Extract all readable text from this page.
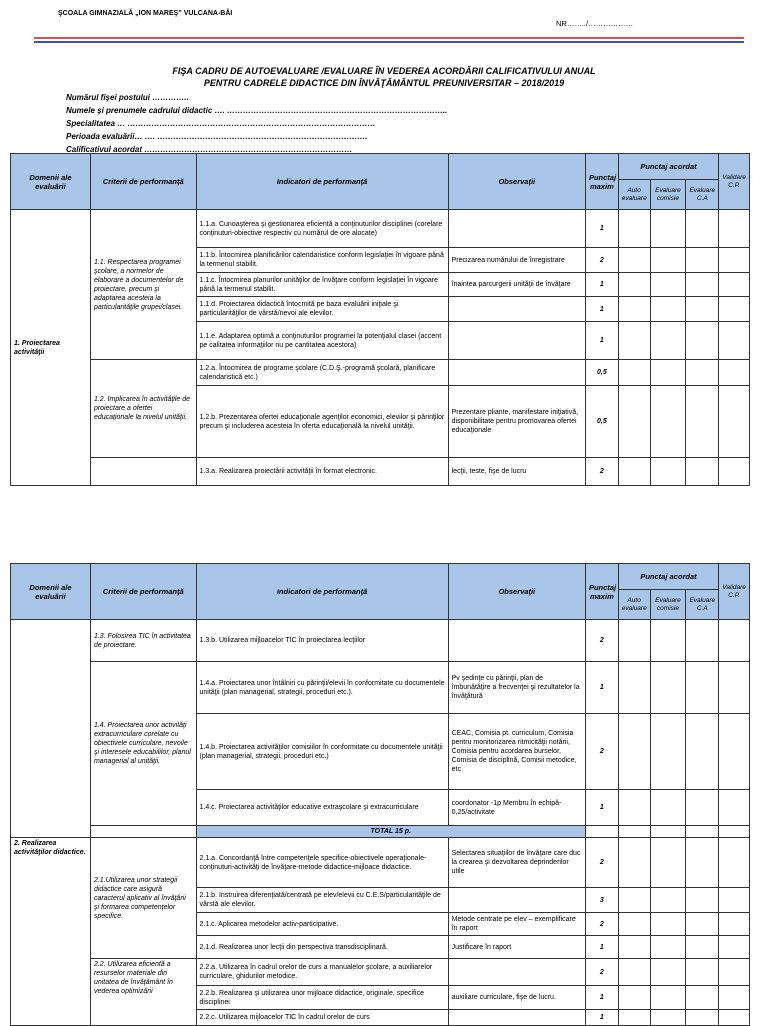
ŞCOALA GIMNAZIALĂ „ION MAREŞ” VULCANA-BĂI
NR……../………………
FIŞA CADRU DE AUTOEVALUARE /EVALUARE ÎN VEDEREA ACORDĂRII CALIFICATIVULUI ANUAL
PENTRU CADRELE DIDACTICE DIN ÎNVĂŢĂMÂNTUL PREUNIVERSITAR – 2018/2019
Numărul fişei postului …………..
Numele şi prenumele cadrului didactic …. ………………………………………………………………………..
Specialitatea … …………………………………………………………………………………
Perioada evaluării… …. …………………………………………………………………….
Calificativul acordat ……………………………………………………………………
Domenii ale evaluării	Criterii de performanţă	Indicatori de performanţă	Observaţii	Punctaj maxim	Punctaj acordat			Validare C.P.
					Auto evaluare	Evaluare comisie	Evaluare C.A	
1. Proiectarea activităţii	1.1. Respectarea programei şcolare, a normelor de elaborare a documentelor de proiectare, precum şi adaptarea acesteia la particularităţile grupei/clasei.	1.1.a. Cunoaşterea şi gestionarea eficientă a conţinuturilor disciplinei (corelare conţinuturi-obiective respectiv cu numărul de ore alocate)		1				
		1.1.b. Întocmirea planificărilor calendaristice conform legislaţiei în vigoare până la termenul stabilit.	Precizarea numărului de înregistrare	2				
		1.1.c. Întocmirea planurilor unităţilor de învăţare conform legislaţiei în vigoare până la termenul stabilit.	înaintea parcurgerii unităţii de învăţare	1				
		1.1.d. Proiectarea didactică întocmită pe baza evaluării iniţiale şi particularităţilor de vârstă/nevoi ale elevilor.		1				
		1.1.e. Adaptarea optimă a conţinuturilor programei la potenţialul clasei (accent pe calitatea informaţiilor nu pe cantitatea acestora)		1				
	1.2. Implicarea în activităţile de proiectare a ofertei educaţionale la nivelul unităţii.	1.2.a. Întocmirea de programe şcolare (C.D.Ş.-programă şcolară, planificare calendaristică etc.)		0,5				
		1.2.b. Prezentarea ofertei educaţionale agenţilor economici, elevilor şi părinţilor precum şi includerea acesteia în oferta educaţională la nivelul unităţii.	Prezentare pliante, manifestare iniţiativă, disponibilitate pentru promovarea ofertei educaţionale	0,5				
		1.3.a. Realizarea proiectării activităţii în format electronic.	lecţii, teste, fişe de lucru	2				
Domenii ale evaluării	Criterii de performanţă	Indicatori de performanţă	Observaţii	Punctaj maxim	Punctaj acordat			Validare C.P.
					Auto evaluare	Evaluare comisie	Evaluare C.A	
	1.3. Folosirea TIC în activitatea de proiectare.	1.3.b. Utilizarea mijloacelor TIC în proiectarea lecţiilor		2				
	1.4. Proiectarea unor activităţi extracurriculare corelate cu obiectivele curriculare, nevoile şi interesele educabililor, planul managerial al unităţii.	1.4.a. Proiectarea unor întâlniri cu părinţii/elevii în conformitate cu documentele unităţii (plan managerial, strategii, proceduri etc.).	Pv şedinţe cu părinţii, plan de îmbunătăţire a frecvenţei şi rezultatelor la învăţătură	1				
		1.4.b. Proiectarea activităţilor comisiilor în conformitate cu documentele unităţii (plan managerial, strategii, proceduri etc.)	CEAC, Comisia pt. curriculum, Comisia pentru monitorizarea ritmicităţii notării, Comisia pentru acordarea burselor, Comisia de disciplină, Comisii metodice, etc	2				
		1.4.c. Proiectarea activităţilor educative extraşcolare şi extracurriculare	coordonator -1p Membru în echipă- 0,25/activitate	1				
		TOTAL 15 p.						
2. Realizarea activităţilor didactice.	2.1.Utilizarea unor strategii didactice care asigură caracterul aplicativ al învăţării şi formarea competenţelor specifice.	2.1.a. Concordanţă între competenţele specifice-obiectivele operaţionale-conţinuturi-activităţi de învăţare-metode didactice-mijloace didactice.	Selectarea situaţiilor de învăţare care duc la crearea şi dezvoltarea deprinderilor utile	2				
		2.1.b. Instruirea diferenţiată/centrată pe elev/elevii cu C.E.S/particularităţile de vârstă ale elevilor.		3				
		2.1.c. Aplicarea metodelor activ-participative.	Metode centrate pe elev – exemplificare în raport	2				
		2.1.d. Realizarea unor lecţii din perspectiva transdisciplinară.	Justificare în raport	1				
	2.2. Utilizarea eficientă a resurselor materiale din unitatea de învăţământ în vederea optimizării	2.2.a. Utilizarea în cadrul orelor de curs a manualelor şcolare, a auxiliarelor curriculare, ghidurilor metodice.		2				
		2.2.b. Realizarea şi utilizarea unor mijloace didactice, originale, specifice disciplinei	auxiliare curriculare, fişe de lucru.	1				
		2.2.c. Utilizarea mijloacelor TIC în cadrul orelor de curs		1				
